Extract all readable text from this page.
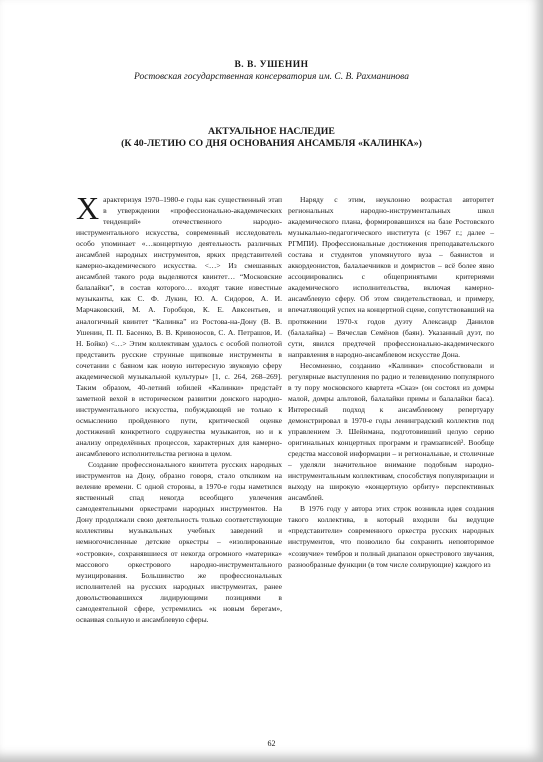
В. В. УШЕНИН
Ростовская государственная консерватория им. С. В. Рахманинова
АКТУАЛЬНОЕ НАСЛЕДИЕ
(К 40-ЛЕТИЮ СО ДНЯ ОСНОВАНИЯ АНСАМБЛЯ «КАЛИНКА»)

Характеризуя 1970–1980-е годы как существенный этап в утверждении «профессионально-академических тенденций» отечественного народно-инструментального искусства, современный исследователь особо упоминает «…концертную деятельность различных ансамблей народных инструментов, ярких представителей камерно-академического искусства. <…> Из смешанных ансамблей такого рода выделяются квинтет… “Московские балалайки”, в состав которого… входят такие известные музыканты, как С. Ф. Лукин, Ю. А. Сидоров, А. И. Марчаковский, М. А. Горобцов, К. Е. Авксентьев, и аналогичный квинтет “Калинка” из Ростова-на-Дону (В. В. Ушенин, П. П. Басенко, В. В. Кривоносов, С. А. Петрашов, И. Н. Бойко) <…> Этим коллективам удалось с особой полнотой представить русские струнные щипковые инструменты в сочетании с баяном как новую интересную звуковую сферу академической музыкальной культуры» [1, с. 264, 268–269]. Таким образом, 40-летний юбилей «Калинки» предстаёт заметной вехой в историческом развитии донского народно-инструментального искусства, побуждающей не только к осмыслению пройденного пути, критической оценке достижений конкретного содружества музыкантов, но и к анализу определённых процессов, характерных для камерно-ансамблевого исполнительства региона в целом.

Создание профессионального квинтета русских народных инструментов на Дону, образно говоря, стало откликом на веление времени. С одной стороны, в 1970-е годы наметился явственный спад некогда всеобщего увлечения самодеятельными оркестрами народных инструментов. На Дону продолжали свою деятельность только соответствующие коллективы музыкальных учебных заведений и немногочисленные детские оркестры – «изолированные «островки», сохранявшиеся от некогда огромного «материка» массового оркестрового народно-инструментального музицирования. Большинство же профессиональных исполнителей на русских народных инструментах, ранее довольствовавшихся лидирующими позициями в самодеятельной сфере, устремились «к новым берегам», осваивая сольную и ансамблевую сферы.

Наряду с этим, неуклонно возрастал авторитет региональных народно-инструментальных школ академического плана, формировавшихся на базе Ростовского музыкально-педагогического института (с 1967 г.; далее – РГМПИ). Профессиональные достижения преподавательского состава и студентов упомянутого вуза – баянистов и аккордеонистов, балалаечников и домристов – всё более явно ассоциировались с общепринятыми критериями академического исполнительства, включая камерно-ансамблевую сферу. Об этом свидетельствовал, и примеру, впечатляющий успех на концертной сцене, сопутствовавший на протяжении 1970-х годов дуэту Александр Данилов (балалайка) – Вячеслав Семёнов (баян). Указанный дуэт, по сути, явился предтечей профессионально-академического направления в народно-ансамблевом искусстве Дона.

Несомненно, созданию «Калинки» способствовали и регулярные выступления по радио и телевидению популярного в ту пору московского квартета «Сказ» (он состоял из домры малой, домры альтовой, балалайки примы и балалайки баса). Интересный подход к ансамблевому репертуару демонстрировал в 1970-е годы ленинградский коллектив под управлением Э. Шейнмана, подготовивший целую серию оригинальных концертных программ и грамзаписей². Вообще средства массовой информации – и региональные, и столичные – уделяли значительное внимание подобным народно-инструментальным коллективам, способствуя популяризации и выходу на широкую «концертную орбиту» перспективных ансамблей.

В 1976 году у автора этих строк возникла идея создания такого коллектива, в который входили бы ведущие «представители» современного оркестра русских народных инструментов, что позволило бы сохранить неповторимое «созвучие» тембров и полный диапазон оркестрового звучания, разнообразные функции (в том числе солирующие) каждого из

62
